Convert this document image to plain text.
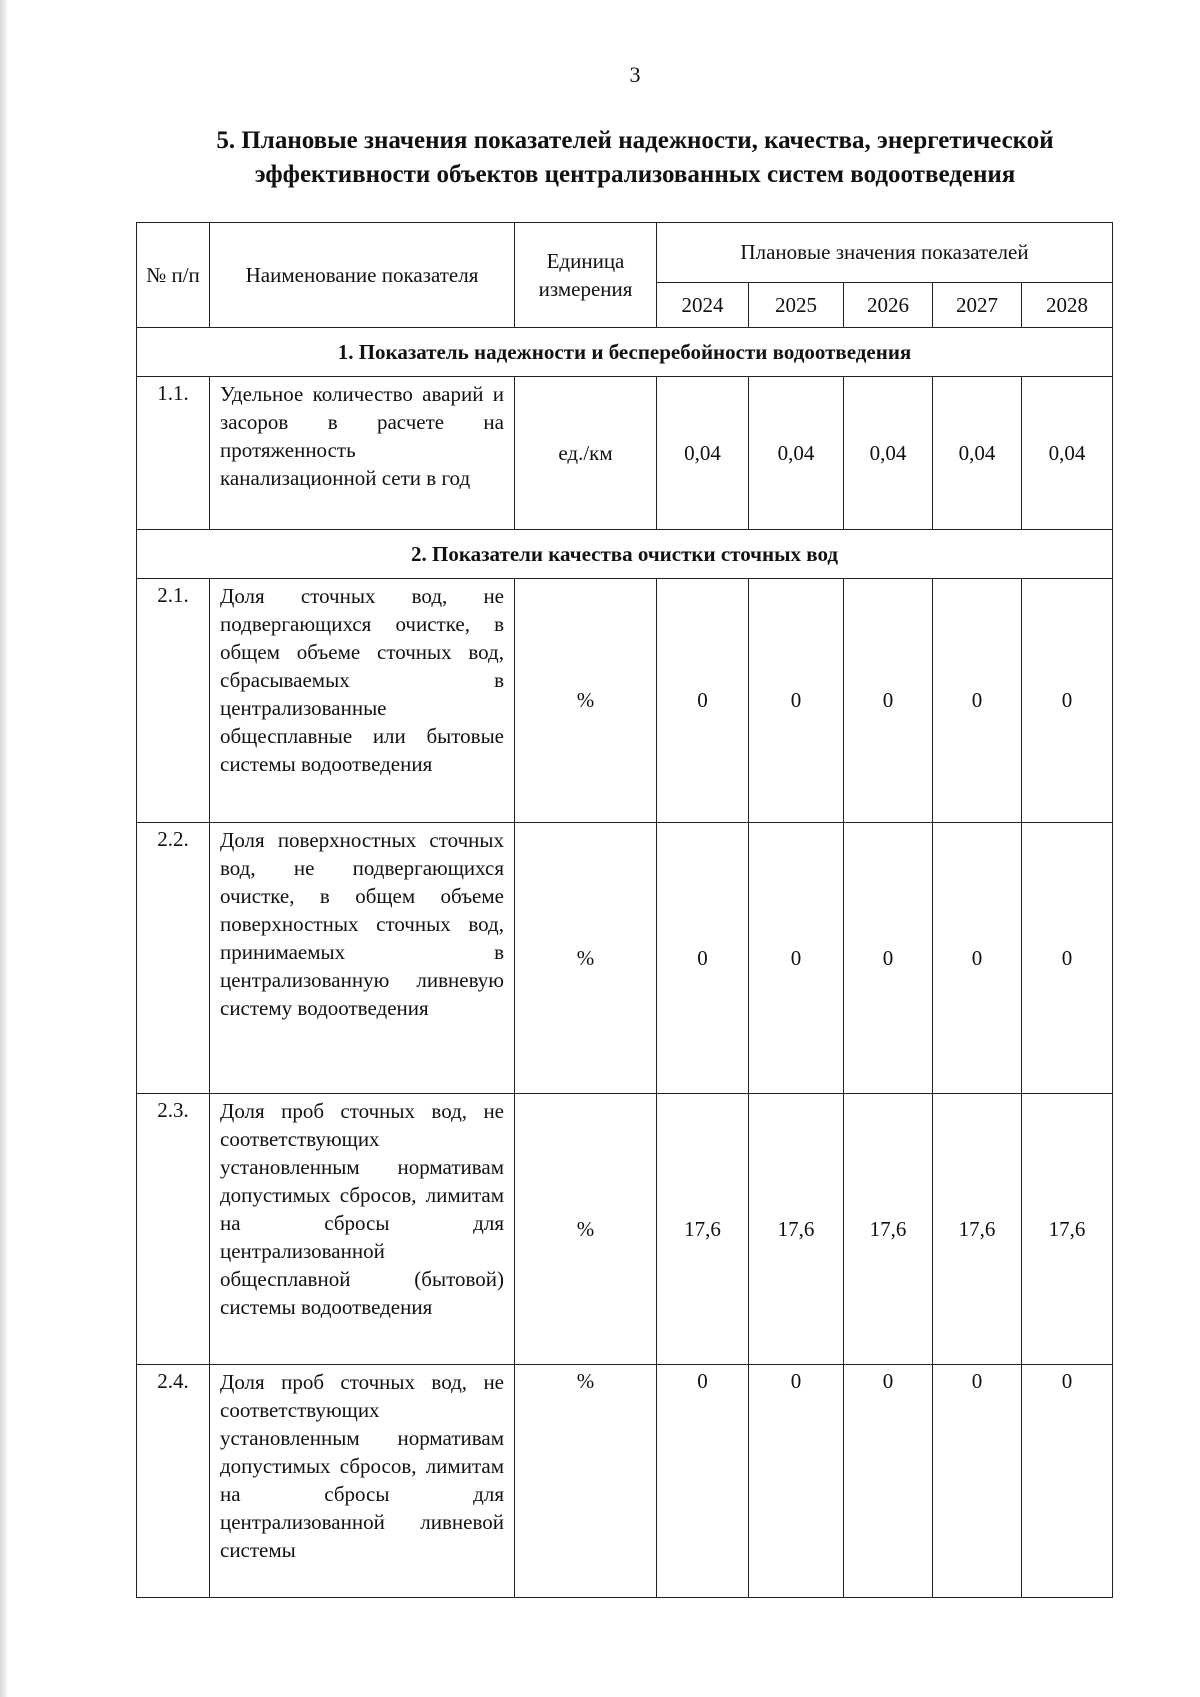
3
5. Плановые значения показателей надежности, качества, энергетической эффективности объектов централизованных систем водоотведения
№ п/п	Наименование показателя	Единица измерения	Плановые значения показателей				
			2024	2025	2026	2027	2028
1. Показатель надежности и бесперебойности водоотведения							
1.1.	Удельное количество аварий и засоров в расчете на протяженность канализационной сети в год	ед./км	0,04	0,04	0,04	0,04	0,04
2. Показатели качества очистки сточных вод							
2.1.	Доля сточных вод, не подвергающихся очистке, в общем объеме сточных вод, сбрасываемых в централизованные общесплавные или бытовые системы водоотведения	%	0	0	0	0	0
2.2.	Доля поверхностных сточных вод, не подвергающихся очистке, в общем объеме поверхностных сточных вод, принимаемых в централизованную ливневую систему водоотведения	%	0	0	0	0	0
2.3.	Доля проб сточных вод, не соответствующих установленным нормативам допустимых сбросов, лимитам на сбросы для централизованной общесплавной (бытовой) системы водоотведения	%	17,6	17,6	17,6	17,6	17,6
2.4.	Доля проб сточных вод, не соответствующих установленным нормативам допустимых сбросов, лимитам на сбросы для централизованной ливневой системы	%	0	0	0	0	0
